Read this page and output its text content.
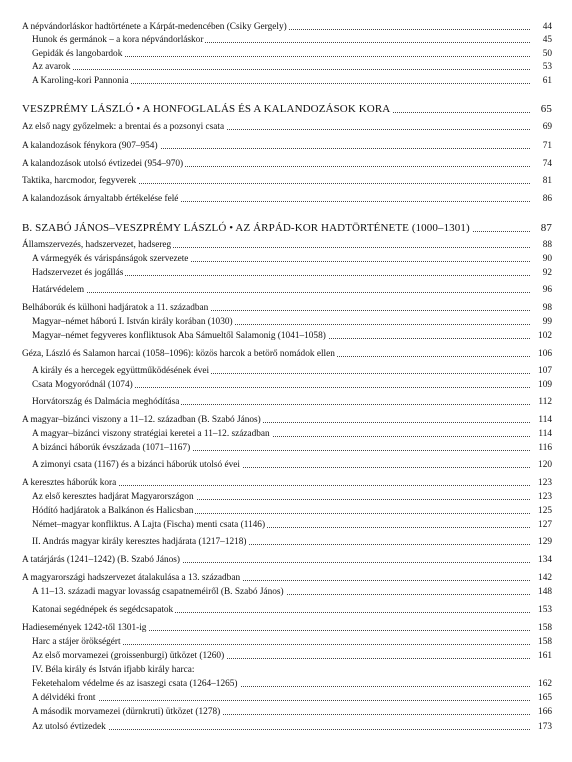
A népvándorláskor hadtörténete a Kárpát-medencében (Csiky Gergely)	44
Hunok és germánok – a kora népvándorláskor	45
Gepidák és langobardok	50
Az avarok	53
A Karoling-kori Pannonia	61
VESZPRÉMY LÁSZLÓ • A HONFOGLALÁS ÉS A KALANDOZÁSOK KORA	65
Az első nagy győzelmek: a brentai és a pozsonyi csata	69
A kalandozások fénykora (907–954)	71
A kalandozások utolsó évtizedei (954–970)	74
Taktika, harcmodor, fegyverek	81
A kalandozások árnyaltabb értékelése felé	86
B. SZABÓ JÁNOS–VESZPRÉMY LÁSZLÓ • AZ ÁRPÁD-KOR HADTÖRTÉNETE (1000–1301)	87
Államszervezés, hadszervezet, hadsereg	88
A vármegyék és várispánságok szervezete	90
Hadszervezet és jogállás	92
Határvédelem	96
Belháborúk és külhoni hadjáratok a 11. században	98
Magyar–német háború I. István király korában (1030)	99
Magyar–német fegyveres konfliktusok Aba Sámueltől Salamonig (1041–1058)	102
Géza, László és Salamon harcai (1058–1096): közös harcok a betörő nomádok ellen	106
A király és a hercegek együttműködésének évei	107
Csata Mogyoródnál (1074)	109
Horvátország és Dalmácia meghódítása	112
A magyar–bizánci viszony a 11–12. században (B. Szabó János)	114
A magyar–bizánci viszony stratégiai keretei a 11–12. században	114
A bizánci háborúk évszázada (1071–1167)	116
A zimonyi csata (1167) és a bizánci háborúk utolsó évei	120
A keresztes háborúk kora	123
Az első keresztes hadjárat Magyarországon	123
Hódító hadjáratok a Balkánon és Halicsban	125
Német–magyar konfliktus. A Lajta (Fischa) menti csata (1146)	127
II. András magyar király keresztes hadjárata (1217–1218)	129
A tatárjárás (1241–1242) (B. Szabó János)	134
A magyarországi hadszervezet átalakulása a 13. században	142
A 11–13. századi magyar lovasság csapatneméiről (B. Szabó János)	148
Katonai segédnépek és segédcsapatok	153
Hadiesemények 1242-től 1301-ig	158
Harc a stájer örökségért	158
Az első morvamezei (groissenburgi) ütközet (1260)	161
IV. Béla király és István ifjabb király harca:
Feketehalom védelme és az isaszegi csata (1264–1265)	162
A délvidéki front	165
A második morvamezei (dürnkruti) ütközet (1278)	166
Az utolsó évtizedek	173
